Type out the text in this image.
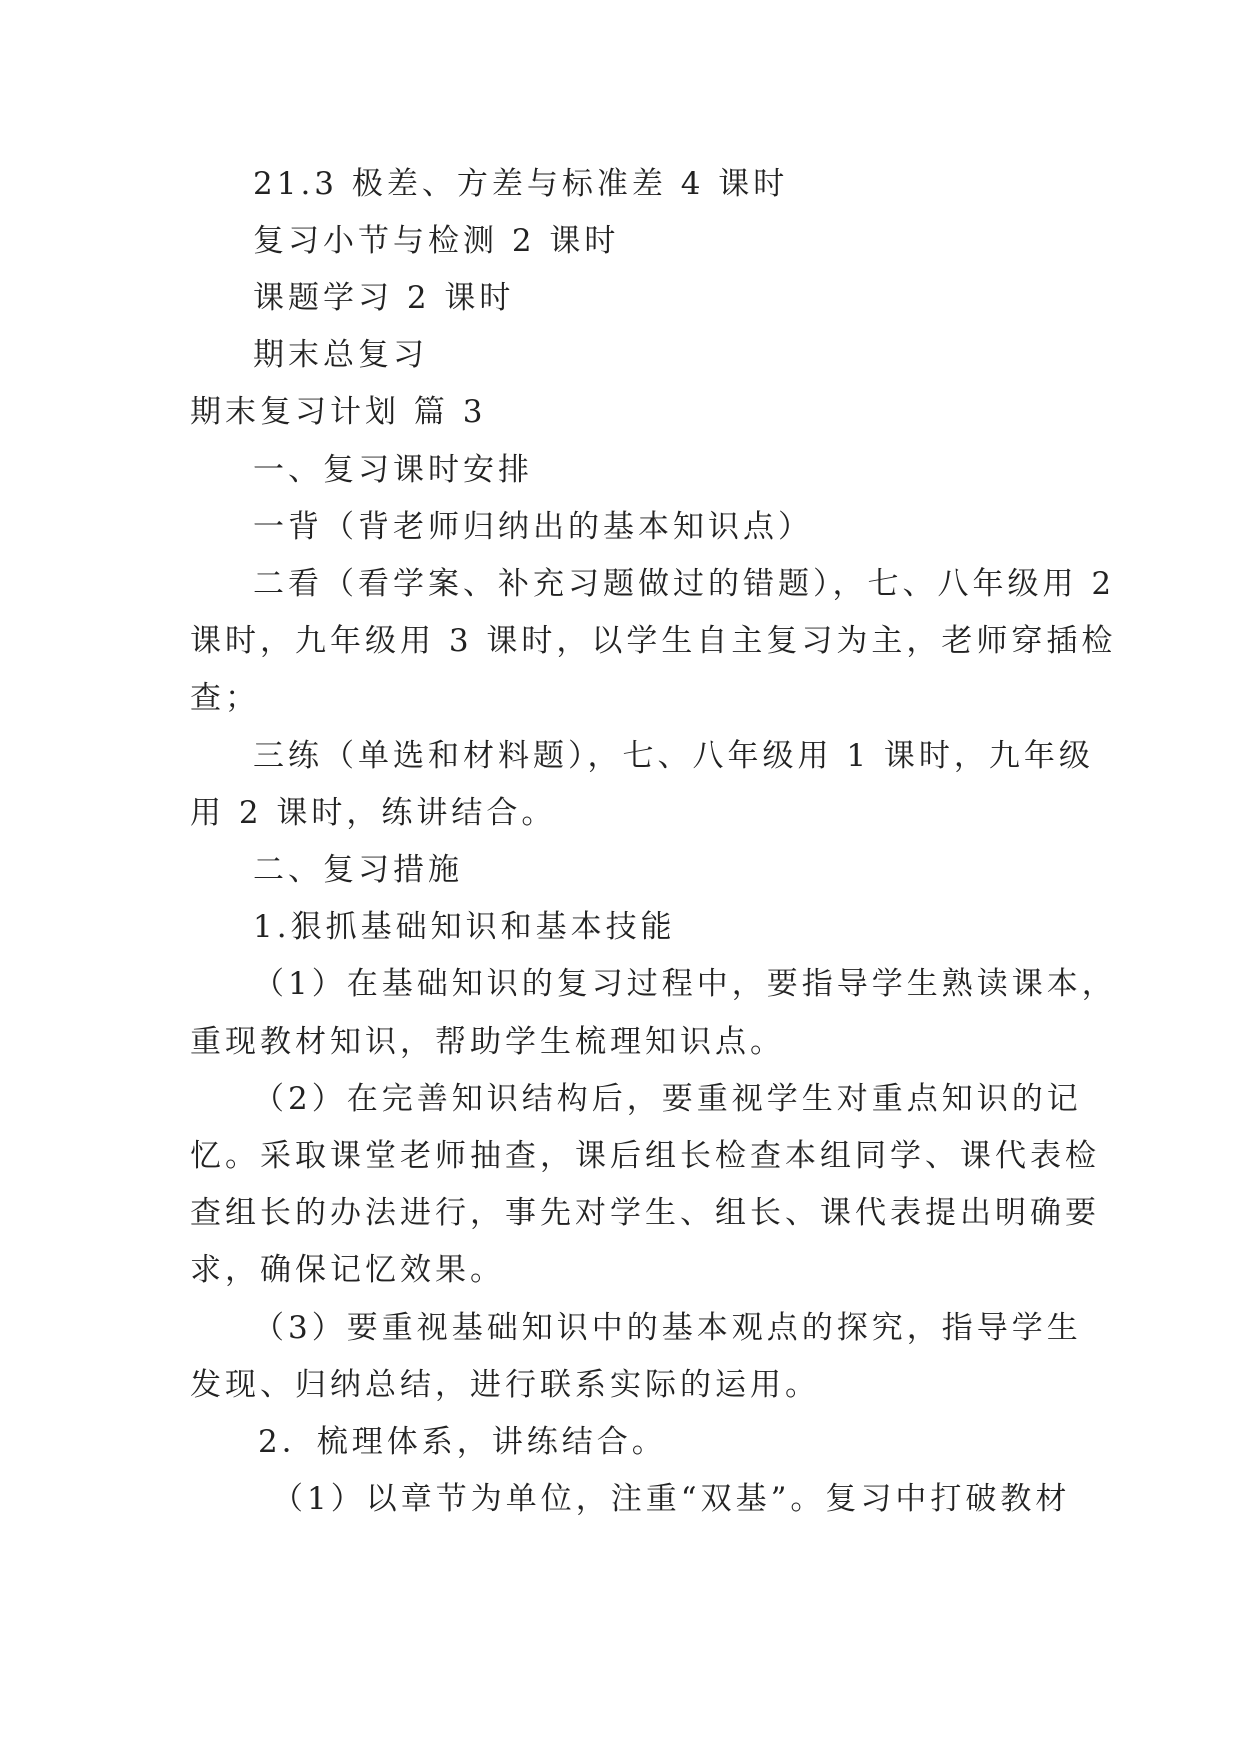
21.3 极差、方差与标准差 4 课时
复习小节与检测 2 课时
课题学习 2 课时
期末总复习
期末复习计划 篇 3
一、复习课时安排
一背（背老师归纳出的基本知识点）
二看（看学案、补充习题做过的错题），七、八年级用 2
课时，九年级用 3 课时，以学生自主复习为主，老师穿插检
查；
三练（单选和材料题），七、八年级用 1 课时，九年级
用 2 课时，练讲结合。
二、复习措施
1.狠抓基础知识和基本技能
（1）在基础知识的复习过程中，要指导学生熟读课本，
重现教材知识，帮助学生梳理知识点。
（2）在完善知识结构后，要重视学生对重点知识的记
忆。采取课堂老师抽查，课后组长检查本组同学、课代表检
查组长的办法进行，事先对学生、组长、课代表提出明确要
求，确保记忆效果。
（3）要重视基础知识中的基本观点的探究，指导学生
发现、归纳总结，进行联系实际的运用。
2．梳理体系，讲练结合。
（1）以章节为单位，注重“双基”。复习中打破教材
